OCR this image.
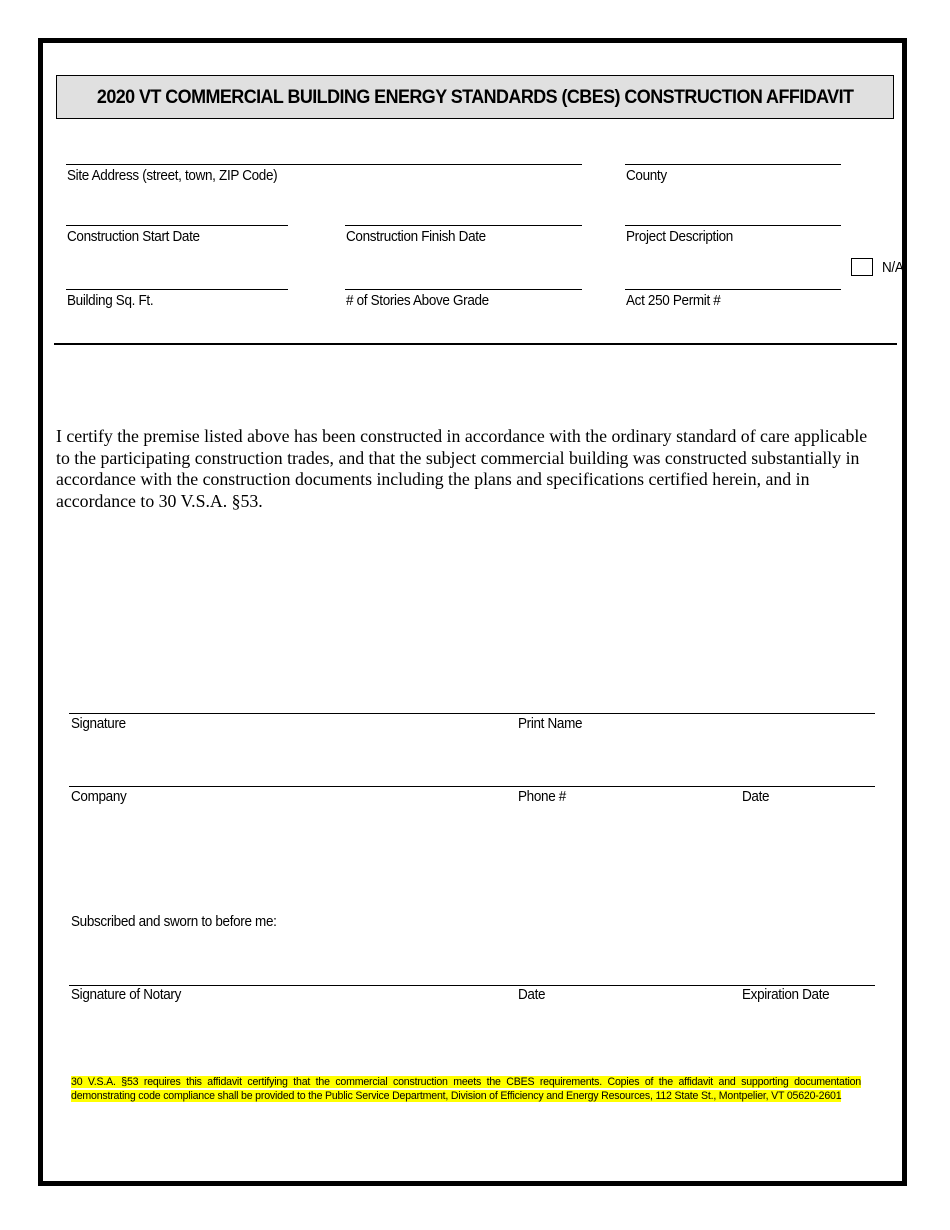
2020 VT COMMERCIAL BUILDING ENERGY STANDARDS (CBES) CONSTRUCTION AFFIDAVIT
Site Address (street, town, ZIP Code)	County
Construction Start Date	Construction Finish Date	Project Description
N/A
Building Sq. Ft.	# of Stories Above Grade	Act 250 Permit #
I certify the premise listed above has been constructed in accordance with the ordinary standard of care applicable to the participating construction trades, and that the subject commercial building was constructed substantially in accordance with the construction documents including the plans and specifications certified herein, and in accordance to 30 V.S.A. §53.
Signature	Print Name
Company	Phone #	Date
Subscribed and sworn to before me:
Signature of Notary	Date	Expiration Date
30 V.S.A. §53 requires this affidavit certifying that the commercial construction meets the CBES requirements. Copies of the affidavit and supporting documentation demonstrating code compliance shall be provided to the Public Service Department, Division of Efficiency and Energy Resources, 112 State St., Montpelier, VT 05620-2601
